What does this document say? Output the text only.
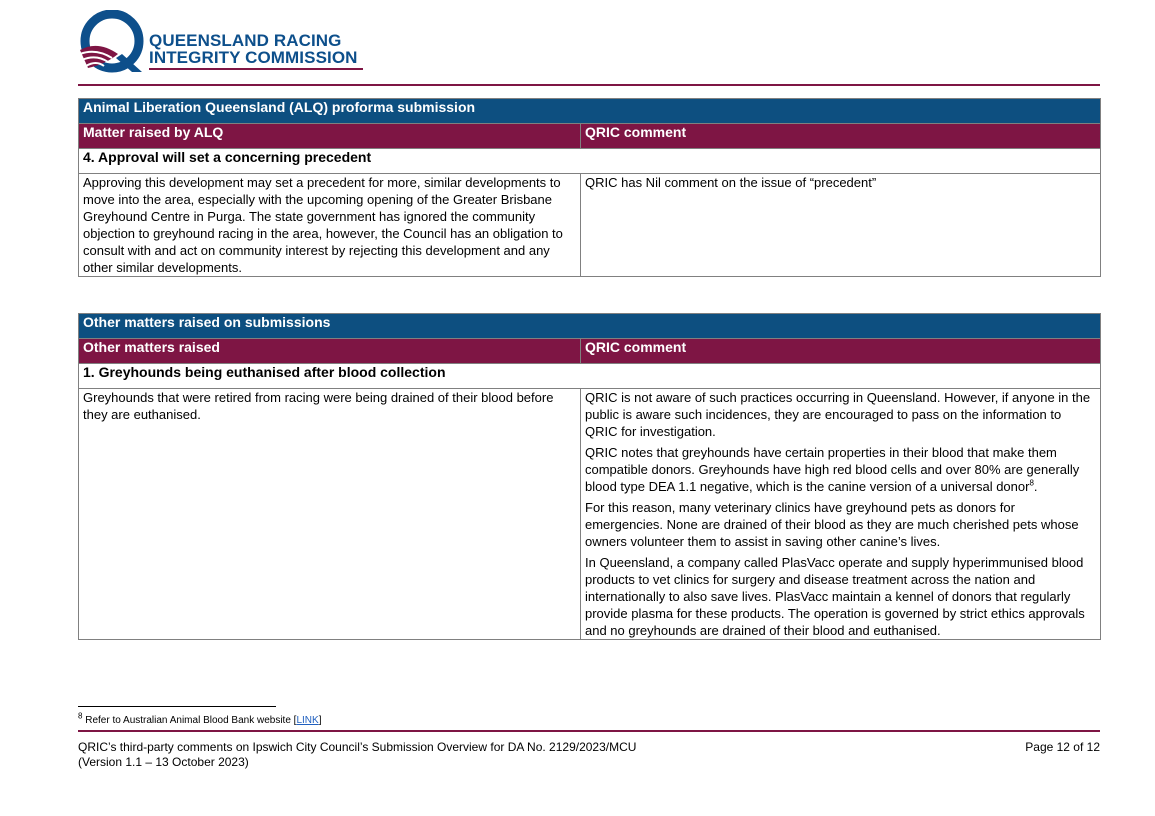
QUEENSLAND RACING
INTEGRITY COMMISSION
Animal Liberation Queensland (ALQ) proforma submission	
Matter raised by ALQ	QRIC comment
4. Approval will set a concerning precedent	
Approving this development may set a precedent for more, similar developments to move into the area, especially with the upcoming opening of the Greater Brisbane Greyhound Centre in Purga. The state government has ignored the community objection to greyhound racing in the area, however, the Council has an obligation to consult with and act on community interest by rejecting this development and any other similar developments.	QRIC has Nil comment on the issue of “precedent”
Other matters raised on submissions	
Other matters raised	QRIC comment
1. Greyhounds being euthanised after blood collection	
Greyhounds that were retired from racing were being drained of their blood before they are euthanised.	QRIC is not aware of such practices occurring in Queensland. However, if anyone in the public is aware such incidences, they are encouraged to pass on the information to QRIC for investigation.

QRIC notes that greyhounds have certain properties in their blood that make them compatible donors. Greyhounds have high red blood cells and over 80% are generally blood type DEA 1.1 negative, which is the canine version of a universal donor$^8$.

For this reason, many veterinary clinics have greyhound pets as donors for emergencies. None are drained of their blood as they are much cherished pets whose owners volunteer them to assist in saving other canine’s lives.

In Queensland, a company called PlasVacc operate and supply hyperimmunised blood products to vet clinics for surgery and disease treatment across the nation and internationally to also save lives. PlasVacc maintain a kennel of donors that regularly provide plasma for these products. The operation is governed by strict ethics approvals and no greyhounds are drained of their blood and euthanised.

$^8$ Refer to Australian Animal Blood Bank website [LINK]
QRIC’s third-party comments on Ipswich City Council’s Submission Overview for DA No. 2129/2023/MCU
(Version 1.1 – 13 October 2023)
Page 12 of 12
